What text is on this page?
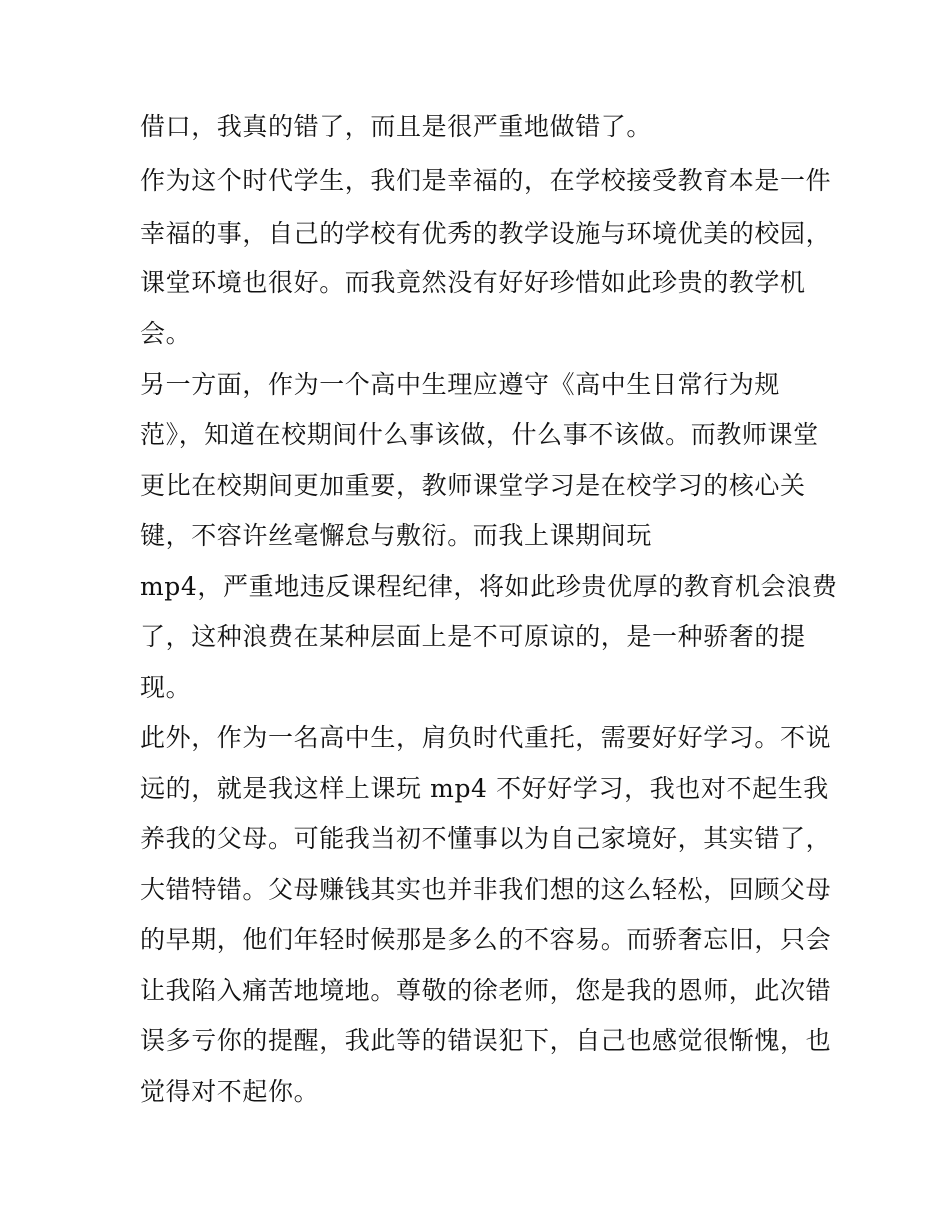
借口，我真的错了，而且是很严重地做错了。
作为这个时代学生，我们是幸福的，在学校接受教育本是一件
幸福的事，自己的学校有优秀的教学设施与环境优美的校园，
课堂环境也很好。而我竟然没有好好珍惜如此珍贵的教学机
会。
另一方面，作为一个高中生理应遵守《高中生日常行为规
范》，知道在校期间什么事该做，什么事不该做。而教师课堂
更比在校期间更加重要，教师课堂学习是在校学习的核心关
键，不容许丝毫懈怠与敷衍。而我上课期间玩
mp4，严重地违反课程纪律，将如此珍贵优厚的教育机会浪费
了，这种浪费在某种层面上是不可原谅的，是一种骄奢的提
现。
此外，作为一名高中生，肩负时代重托，需要好好学习。不说
远的，就是我这样上课玩 mp4 不好好学习，我也对不起生我
养我的父母。可能我当初不懂事以为自己家境好，其实错了，
大错特错。父母赚钱其实也并非我们想的这么轻松，回顾父母
的早期，他们年轻时候那是多么的不容易。而骄奢忘旧，只会
让我陷入痛苦地境地。尊敬的徐老师，您是我的恩师，此次错
误多亏你的提醒，我此等的错误犯下，自己也感觉很惭愧，也
觉得对不起你。
